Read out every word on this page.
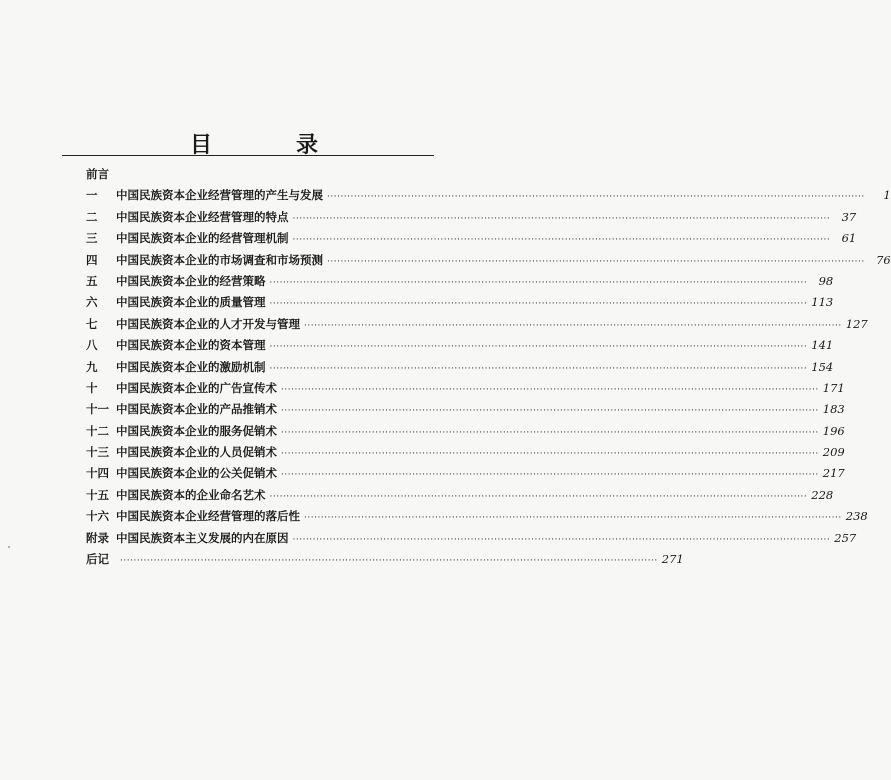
目	录
前言
一	中国民族资本企业经营管理的产生与发展 ································································································································································	1
二	中国民族资本企业经营管理的特点 ································································································································································ 37
三	中国民族资本企业的经营管理机制 ································································································································································ 61
四	中国民族资本企业的市场调查和市场预测 ································································································································································ 76
五	中国民族资本企业的经营策略 ································································································································································ 98
六	中国民族资本企业的质量管理 ································································································································································ 113
七	中国民族资本企业的人才开发与管理 ································································································································································ 127
八	中国民族资本企业的资本管理 ································································································································································ 141
九	中国民族资本企业的激励机制 ································································································································································ 154
十	中国民族资本企业的广告宣传术 ································································································································································ 171
十一 中国民族资本企业的产品推销术 ································································································································································ 183
十二 中国民族资本企业的服务促销术 ································································································································································ 196
十三 中国民族资本企业的人员促销术 ································································································································································ 209
十四 中国民族资本企业的公关促销术 ································································································································································ 217
十五 中国民族资本的企业命名艺术 ································································································································································ 228
十六 中国民族资本企业经营管理的落后性 ································································································································································ 238
附录 中国民族资本主义发展的内在原因 ································································································································································ 257
后记	································································································································································ 271
